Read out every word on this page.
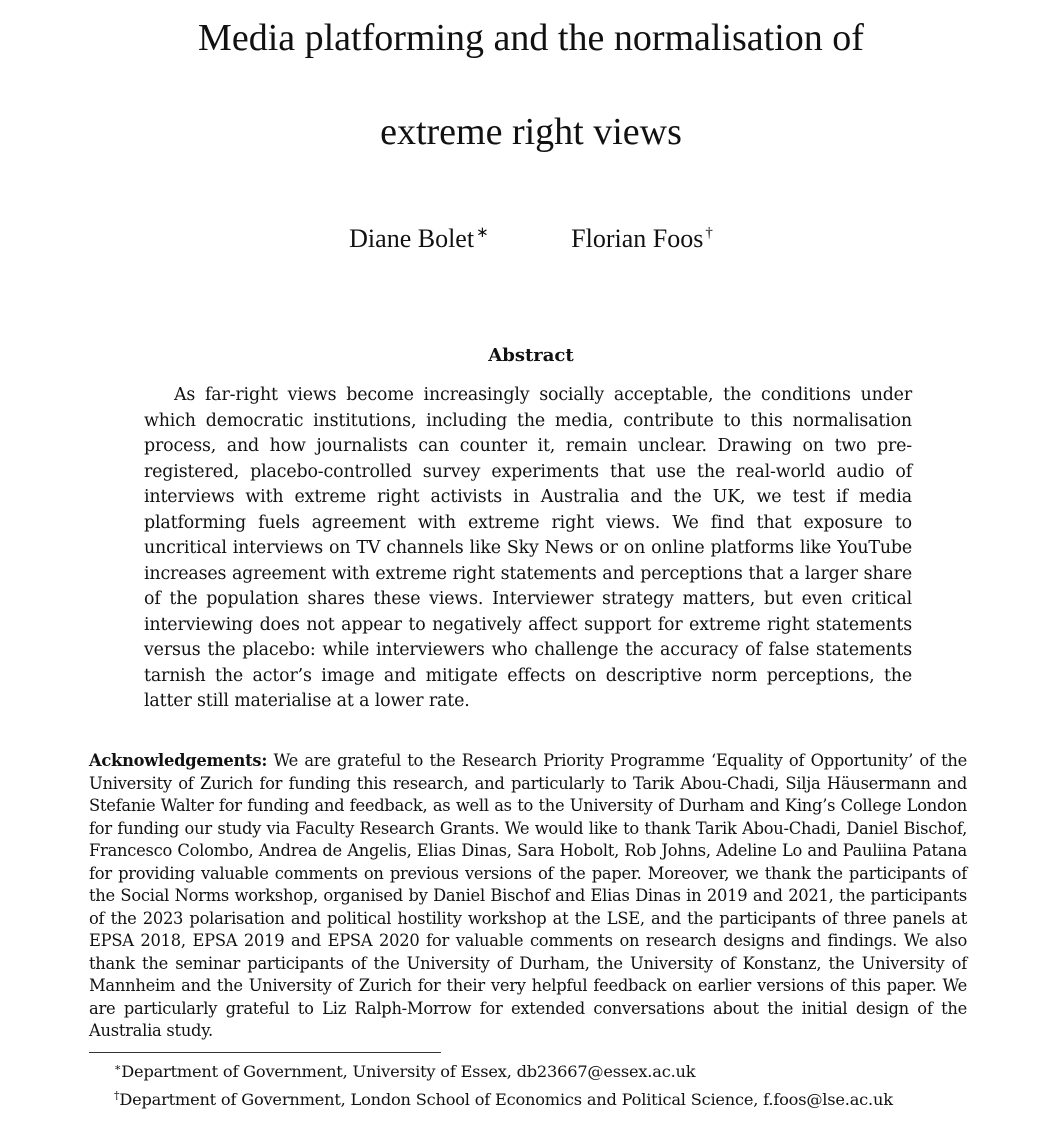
Media platforming and the normalisation of
extreme right views
Diane Bolet ∗	Florian Foos †
Abstract

As far-right views become increasingly socially acceptable, the conditions under which democratic institutions, including the media, contribute to this normalisation process, and how journalists can counter it, remain unclear. Drawing on two pre-registered, placebo-controlled survey experiments that use the real-world audio of interviews with extreme right activists in Australia and the UK, we test if media platforming fuels agreement with extreme right views. We find that exposure to uncritical interviews on TV channels like Sky News or on online platforms like YouTube increases agreement with extreme right statements and perceptions that a larger share of the population shares these views. Interviewer strategy matters, but even critical interviewing does not appear to negatively affect support for extreme right statements versus the placebo: while interviewers who challenge the accuracy of false statements tarnish the actor’s image and mitigate effects on descriptive norm perceptions, the latter still materialise at a lower rate.

Acknowledgements: We are grateful to the Research Priority Programme ‘Equality of Opportunity’ of the University of Zurich for funding this research, and particularly to Tarik Abou-Chadi, Silja Häusermann and Stefanie Walter for funding and feedback, as well as to the University of Durham and King’s College London for funding our study via Faculty Research Grants. We would like to thank Tarik Abou-Chadi, Daniel Bischof, Francesco Colombo, Andrea de Angelis, Elias Dinas, Sara Hobolt, Rob Johns, Adeline Lo and Pauliina Patana for providing valuable comments on previous versions of the paper. Moreover, we thank the participants of the Social Norms workshop, organised by Daniel Bischof and Elias Dinas in 2019 and 2021, the participants of the 2023 polarisation and political hostility workshop at the LSE, and the participants of three panels at EPSA 2018, EPSA 2019 and EPSA 2020 for valuable comments on research designs and findings. We also thank the seminar participants of the University of Durham, the University of Konstanz, the University of Mannheim and the University of Zurich for their very helpful feedback on earlier versions of this paper. We are particularly grateful to Liz Ralph-Morrow for extended conversations about the initial design of the Australia study.

∗Department of Government, University of Essex, db23667@essex.ac.uk
†Department of Government, London School of Economics and Political Science, f.foos@lse.ac.uk
